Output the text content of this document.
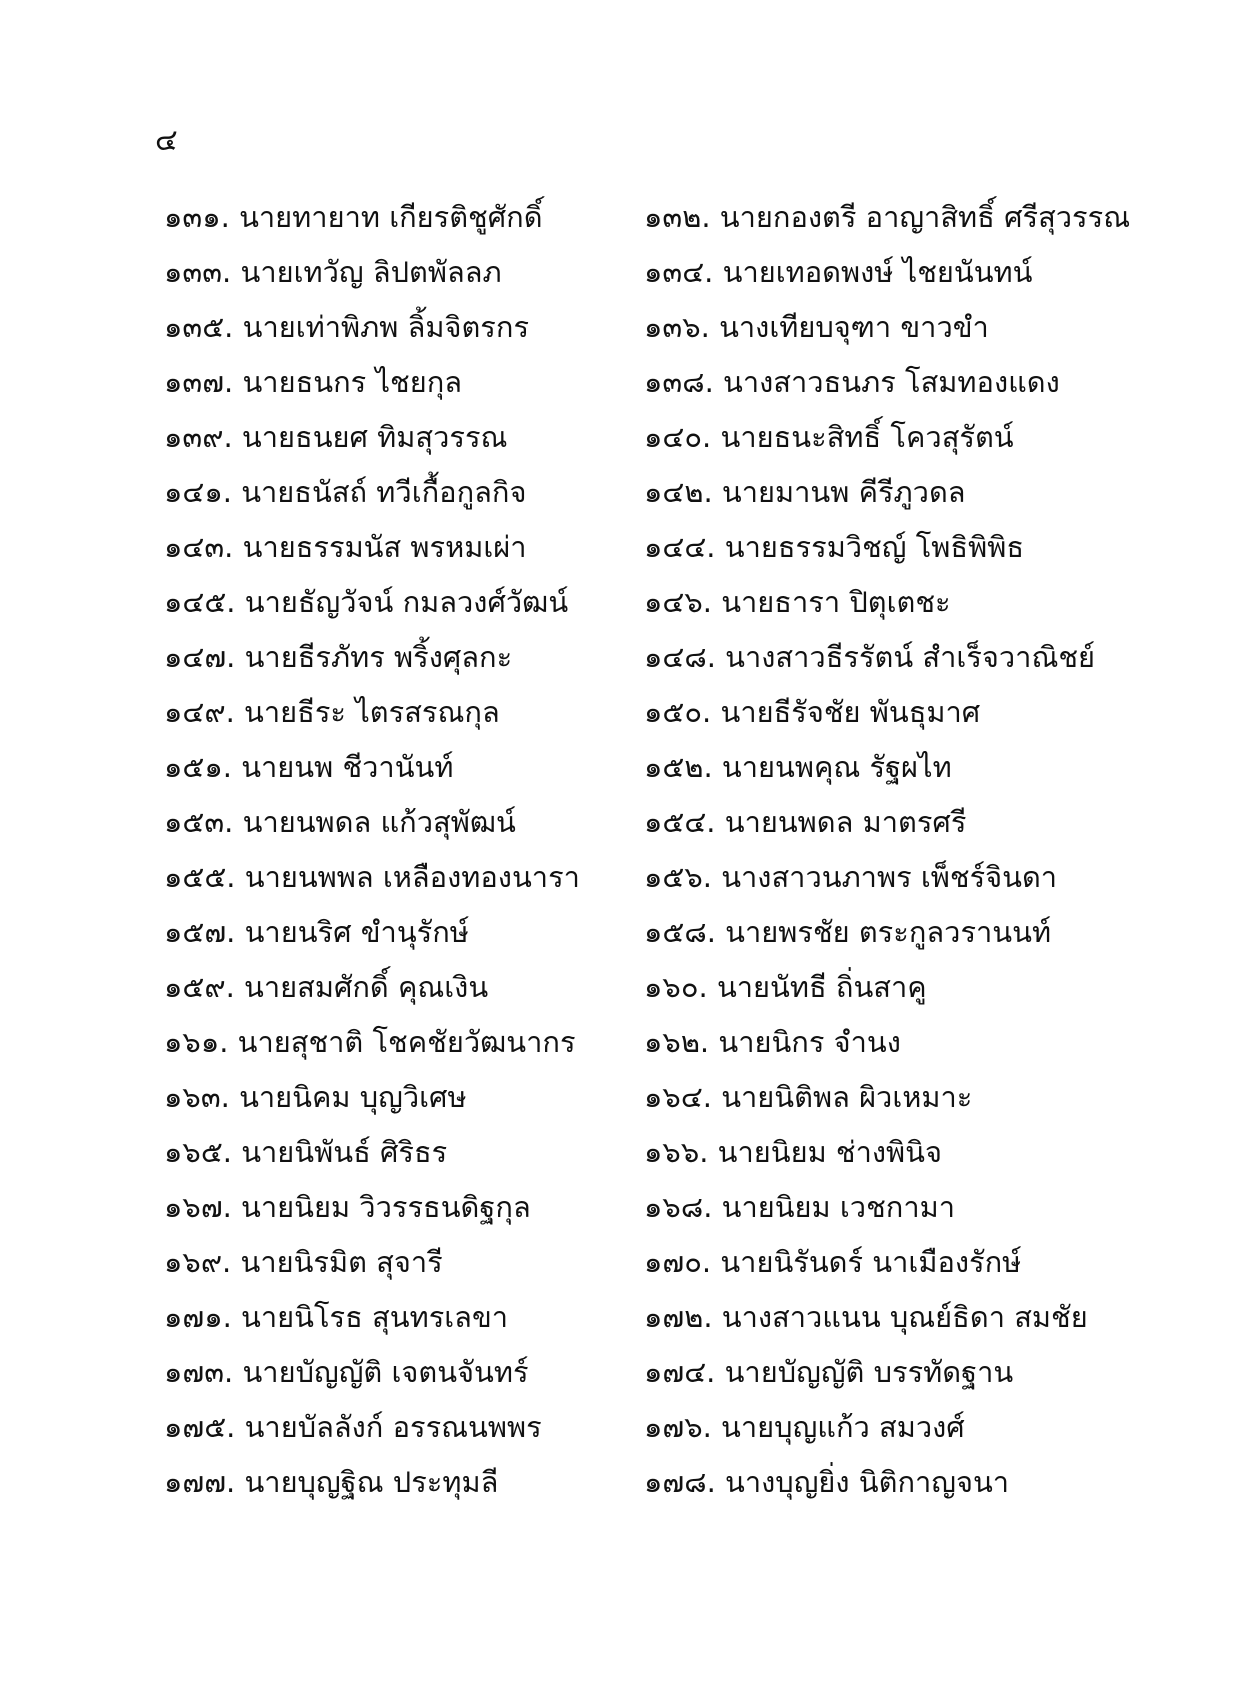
๔
๑๓๑. นายทายาท เกียรติชูศักดิ์	๑๓๒. นายกองตรี อาญาสิทธิ์ ศรีสุวรรณ
๑๓๓. นายเทวัญ ลิปตพัลลภ	๑๓๔. นายเทอดพงษ์ ไชยนันทน์
๑๓๕. นายเท่าพิภพ ลิ้มจิตรกร	๑๓๖. นางเทียบจุฑา ขาวขำ
๑๓๗. นายธนกร ไชยกุล	๑๓๘. นางสาวธนภร โสมทองแดง
๑๓๙. นายธนยศ ทิมสุวรรณ	๑๔๐. นายธนะสิทธิ์ โควสุรัตน์
๑๔๑. นายธนัสถ์ ทวีเกื้อกูลกิจ	๑๔๒. นายมานพ คีรีภูวดล
๑๔๓. นายธรรมนัส พรหมเผ่า	๑๔๔. นายธรรมวิชญ์ โพธิพิพิธ
๑๔๕. นายธัญวัจน์ กมลวงศ์วัฒน์	๑๔๖. นายธารา ปิตุเตชะ
๑๔๗. นายธีรภัทร พริ้งศุลกะ	๑๔๘. นางสาวธีรรัตน์ สำเร็จวาณิชย์
๑๔๙. นายธีระ ไตรสรณกุล	๑๕๐. นายธีรัจชัย พันธุมาศ
๑๕๑. นายนพ ชีวานันท์	๑๕๒. นายนพคุณ รัฐผไท
๑๕๓. นายนพดล แก้วสุพัฒน์	๑๕๔. นายนพดล มาตรศรี
๑๕๕. นายนพพล เหลืองทองนารา ๑๕๖. นางสาวนภาพร เพ็ชร์จินดา
๑๕๗. นายนริศ ขำนุรักษ์	๑๕๘. นายพรชัย ตระกูลวรานนท์
๑๕๙. นายสมศักดิ์ คุณเงิน	๑๖๐. นายนัทธี ถิ่นสาคู
๑๖๑. นายสุชาติ โชคชัยวัฒนากร ๑๖๒. นายนิกร จำนง
๑๖๓. นายนิคม บุญวิเศษ	๑๖๔. นายนิติพล ผิวเหมาะ
๑๖๕. นายนิพันธ์ ศิริธร	๑๖๖. นายนิยม ช่างพินิจ
๑๖๗. นายนิยม วิวรรธนดิฐกุล	๑๖๘. นายนิยม เวชกามา
๑๖๙. นายนิรมิต สุจารี	๑๗๐. นายนิรันดร์ นาเมืองรักษ์
๑๗๑. นายนิโรธ สุนทรเลขา	๑๗๒. นางสาวแนน บุณย์ธิดา สมชัย
๑๗๓. นายบัญญัติ เจตนจันทร์	๑๗๔. นายบัญญัติ บรรทัดฐาน
๑๗๕. นายบัลลังก์ อรรณนพพร	๑๗๖. นายบุญแก้ว สมวงศ์
๑๗๗. นายบุญฐิณ ประทุมลี	๑๗๘. นางบุญยิ่ง นิติกาญจนา
